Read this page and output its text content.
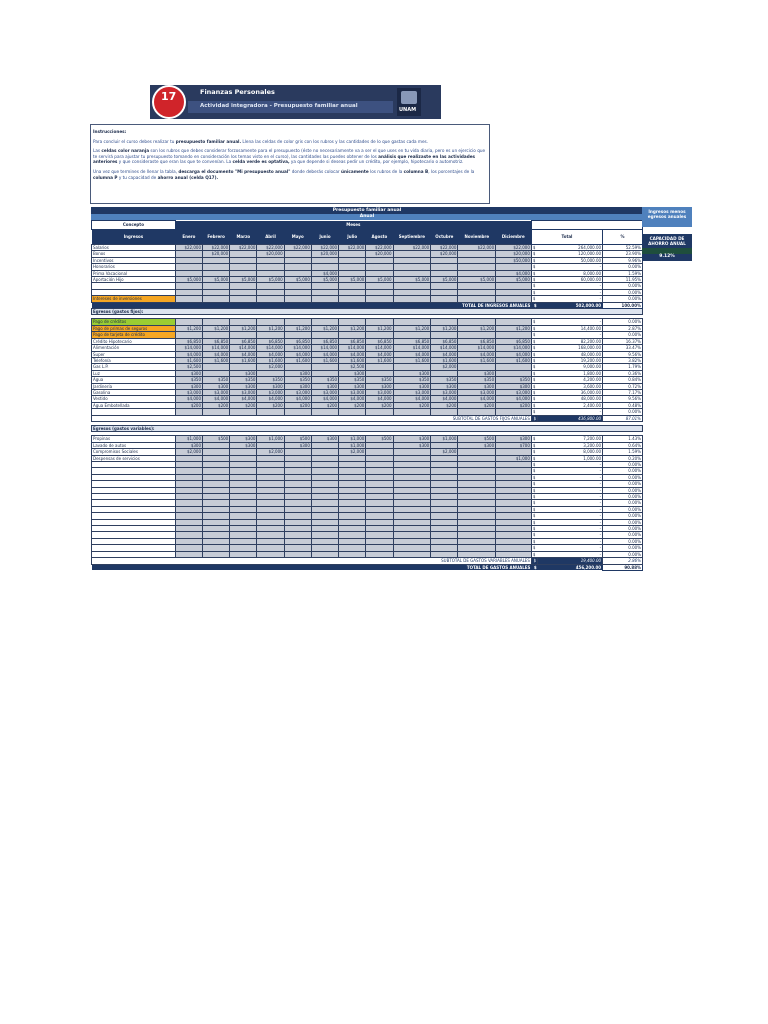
Finanzas Personales
Actividad integradora - Presupuesto familiar anual
17
UNAM

Instrucciones:

Para concluir el curso debes realizar tu presupuesto familiar anual. Llena las celdas de color gris con los rubros y las cantidades de lo que gastas cada mes.

Las celdas color naranja son los rubros que debes considerar forzosamente para el presupuesto (éste no necesariamente va a ser el que uses en tu vida diaria, pero es un ejercicio que te servirá para ajustar tu presupuesto tomando en consideración los temas visto en el curso), las cantidades las puedes obtener de los análisis que realizaste en las actividades anteriores y que consideraste que eran las que te convenían. La celda verde es optativa, ya que depende si deseas pedir un crédito, por ejemplo, hipotecario o automotriz.

Una vez que termines de llenar la tabla, descarga el documento "Mi presupuesto anual" donde deberás colocar únicamente los rubros de la columna B, los porcentajes de la columna P y tu capacidad de ahorro anual (celda Q17).

Presupuesto familiar anual
Anual
Concepto	Meses														
Ingresos	Enero	Febrero	Marzo	Abril	Mayo	Junio	Julio	Agosto	Septiembre	Octubre	Noviembre	Diciembre	Total		%
Salarios	$22,000	$22,000	$22,000	$22,000	$22,000	$22,000	$22,000	$22,000	$22,000	$22,000	$22,000	$22,000	$	264,000.00	52.59%
Bonos		$20,000		$20,000		$20,000		$20,000		$20,000		$20,000	$	120,000.00	23.90%
Incentivos												$50,000	$	50,000.00	9.96%
Honorarios													$	-	0.00%
Prima Vacacional						$4,000						$4,000	$	8,000.00	1.59%
Aportación Hijo	$5,000	$5,000	$5,000	$5,000	$5,000	$5,000	$5,000	$5,000	$5,000	$5,000	$5,000	$5,000	$	60,000.00	11.95%
													$	-	0.00%
													$	-	0.00%
Intereses de inversiones													$	-	0.00%
TOTAL DE INGRESOS ANUALES													$	502,000.00	100.00%
Egresos (gastos fijos):															

Pago de créditos													$	-	0.00%
Pago de primas de seguros	$1,200	$1,200	$1,200	$1,200	$1,200	$1,200	$1,200	$1,200	$1,200	$1,200	$1,200	$1,200	$	14,400.00	2.87%
Pago de tarjeta de crédito													$	-	0.00%
Crédito Hipotecario	$6,850	$6,850	$6,850	$6,850	$6,850	$6,850	$6,850	$6,850	$6,850	$6,850	$6,850	$6,850	$	82,200.00	16.37%
Alimentación	$14,000	$14,000	$14,000	$14,000	$14,000	$14,000	$14,000	$14,000	$14,000	$14,000	$14,000	$14,000	$	168,000.00	33.47%
Super	$4,000	$4,000	$4,000	$4,000	$4,000	$4,000	$4,000	$4,000	$4,000	$4,000	$4,000	$4,000	$	48,000.00	9.56%
Telefonía	$1,600	$1,600	$1,600	$1,600	$1,600	$1,600	$1,600	$1,600	$1,600	$1,600	$1,600	$1,600	$	19,200.00	3.82%
Gas L.P.	$2,500			$2,000			$2,500			$2,000			$	9,000.00	1.79%
Luz	$300		$300		$300		$300		$300		$300		$	1,800.00	0.36%
Agua	$350	$350	$350	$350	$350	$350	$350	$350	$350	$350	$350	$350	$	4,200.00	0.84%
Jardinería	$300	$300	$300	$300	$300	$300	$300	$300	$300	$300	$300	$300	$	3,600.00	0.72%
Gasolina	$3,000	$3,000	$3,000	$3,000	$3,000	$3,000	$3,000	$3,000	$3,000	$3,000	$3,000	$3,000	$	36,000.00	7.17%
Vestido	$4,000	$4,000	$4,000	$4,000	$4,000	$4,000	$4,000	$4,000	$4,000	$4,000	$4,000	$4,000	$	48,000.00	9.56%
Agua Embotellada	$200	$200	$200	$200	$200	$200	$200	$200	$200	$200	$200	$200	$	2,400.00	0.48%
													$	-	0.00%
SUBTOTAL DE GASTOS FIJOS ANUALES													$	436,800.00	87.01%

Egresos (gastos variables):															

Propinas	$1,000	$500	$300	$1,000	$500	$300	$1,000	$500	$300	$1,000	$500	$300	$	7,200.00	1.43%
Lavado de autos	$300		$300		$300		$1,000		$300		$300	$700	$	3,200.00	0.64%
Compromisos Sociales	$2,000			$2,000			$2,000			$2,000			$	8,000.00	1.59%
Despensas de servicios												$1,000	$	1,000.00	0.20%
													$	-	0.00%
													$	-	0.00%
													$	-	0.00%
													$	-	0.00%
													$	-	0.00%
													$	-	0.00%
													$	-	0.00%
													$	-	0.00%
													$	-	0.00%
													$	-	0.00%
													$	-	0.00%
													$	-	0.00%
													$	-	0.00%
													$	-	0.00%
													$	-	0.00%
SUBTOTAL DE GASTOS VARIABLES ANUALES													$	19,400.00	2.86%
TOTAL DE GASTOS ANUALES													$	456,200.00	90.88%
Ingresos menos egresos anuales
CAPACIDAD DE AHORRO ANUAL
9.12%
